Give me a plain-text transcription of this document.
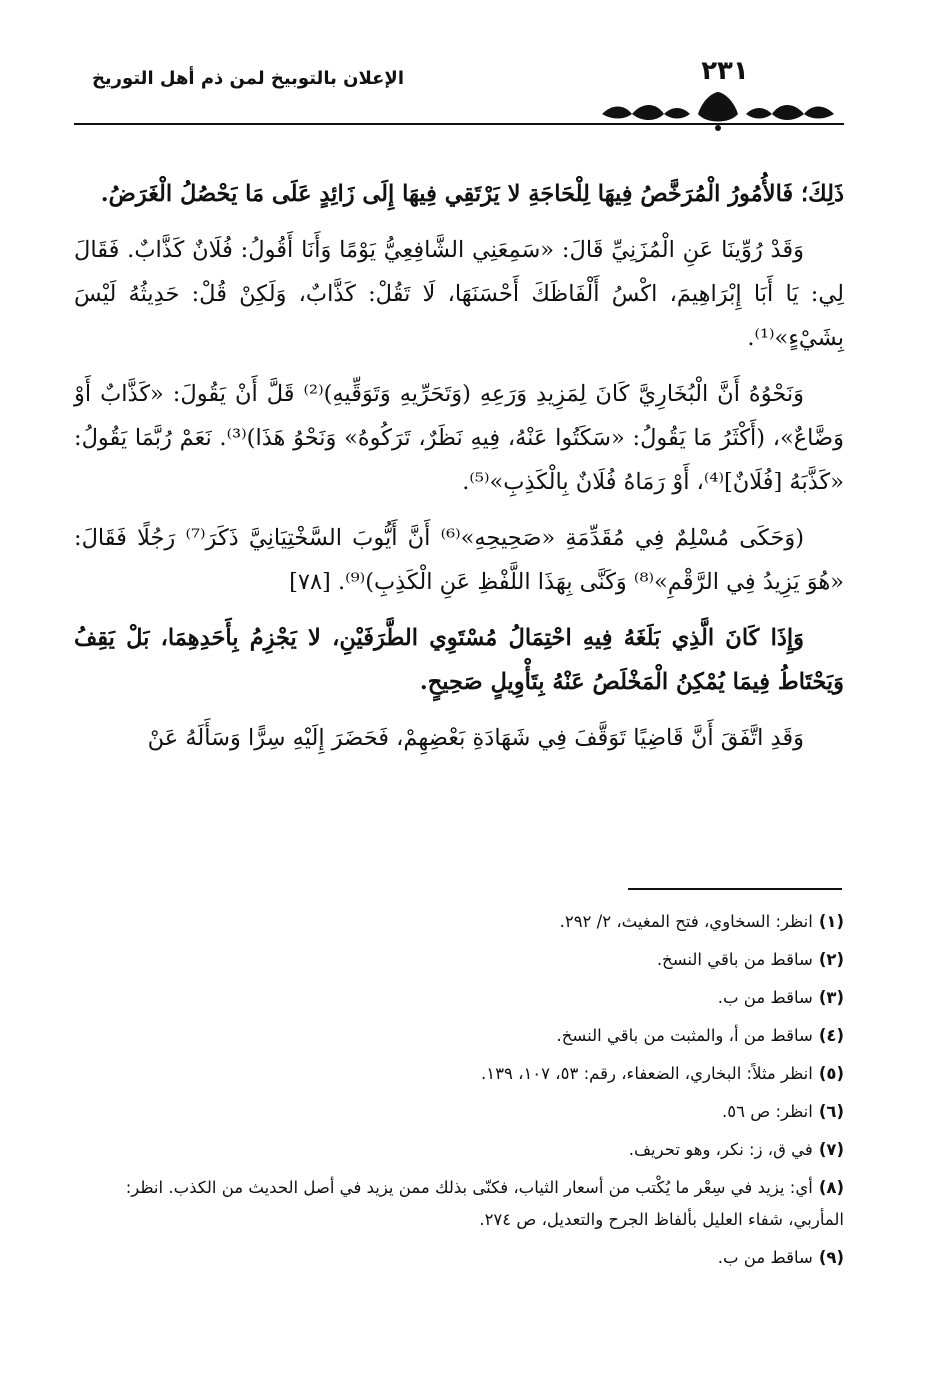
الإعلان بالتوبيخ لمن ذم أهل التوريخ	٢٣١

ذَلِكَ؛ فَالأُمُورُ الْمُرَخَّصُ فِيهَا لِلْحَاجَةِ لا يَرْتَقِي فِيهَا إِلَى زَائِدٍ عَلَى مَا يَحْصُلُ الْغَرَضُ.

وَقَدْ رُوِّينَا عَنِ الْمُزَنِيِّ قَالَ: «سَمِعَنِي الشَّافِعِيُّ يَوْمًا وَأَنَا أَقُولُ: فُلَانٌ كَذَّابٌ. فَقَالَ لِي: يَا أَبَا إِبْرَاهِيمَ، اكْسُ أَلْفَاظَكَ أَحْسَنَهَا، لَا تَقُلْ: كَذَّابٌ، وَلَكِنْ قُلْ: حَدِيثُهُ لَيْسَ بِشَيْءٍ»⁽¹⁾.

وَنَحْوُهُ أَنَّ الْبُخَارِيَّ كَانَ لِمَزِيدِ وَرَعِهِ (وَتَحَرِّيهِ وَتَوَقِّيهِ)⁽²⁾ قَلَّ أَنْ يَقُولَ: «كَذَّابٌ أَوْ وَضَّاعٌ»، (أَكْثَرُ مَا يَقُولُ: «سَكَتُوا عَنْهُ، فِيهِ نَظَرٌ، تَرَكُوهُ» وَنَحْوُ هَذَا)⁽³⁾. نَعَمْ رُبَّمَا يَقُولُ: «كَذَّبَهُ [فُلَانٌ]⁽⁴⁾، أَوْ رَمَاهُ فُلَانٌ بِالْكَذِبِ»⁽⁵⁾.

(وَحَكَى مُسْلِمٌ فِي مُقَدِّمَةِ «صَحِيحِهِ»⁽⁶⁾ أَنَّ أَيُّوبَ السَّخْتِيَانِيَّ ذَكَرَ⁽⁷⁾ رَجُلًا فَقَالَ: «هُوَ يَزِيدُ فِي الرَّقْمِ»⁽⁸⁾ وَكَنَّى بِهَذَا اللَّفْظِ عَنِ الْكَذِبِ)⁽⁹⁾. [٧٨]

وَإِذَا كَانَ الَّذِي بَلَغَهُ فِيهِ احْتِمَالُ مُسْتَوِي الطَّرَفَيْنِ، لا يَجْزِمُ بِأَحَدِهِمَا، بَلْ يَقِفُ وَيَحْتَاطُ فِيمَا يُمْكِنُ الْمَخْلَصُ عَنْهُ بِتَأْوِيلٍ صَحِيحٍ.

وَقَدِ اتَّفَقَ أَنَّ قَاضِيًا تَوَقَّفَ فِي شَهَادَةِ بَعْضِهِمْ، فَحَضَرَ إِلَيْهِ سِرًّا وَسَأَلَهُ عَنْ

(١)انظر: السخاوي، فتح المغيث، ٢/ ٢٩٢.
(٢)ساقط من باقي النسخ.
(٣)ساقط من ب.
(٤)ساقط من أ، والمثبت من باقي النسخ.
(٥)انظر مثلاً: البخاري، الضعفاء، رقم: ٥٣، ١٠٧، ١٣٩.
(٦)انظر: ص ٥٦.
(٧)في ق، ز: نكر، وهو تحريف.
(٨)أي: يزيد في سِعْر ما يُكْتب من أسعار الثياب، فكنّى بذلك ممن يزيد في أصل الحديث من الكذب. انظر: المأربي، شفاء العليل بألفاظ الجرح والتعديل، ص ٢٧٤.
(٩)ساقط من ب.
